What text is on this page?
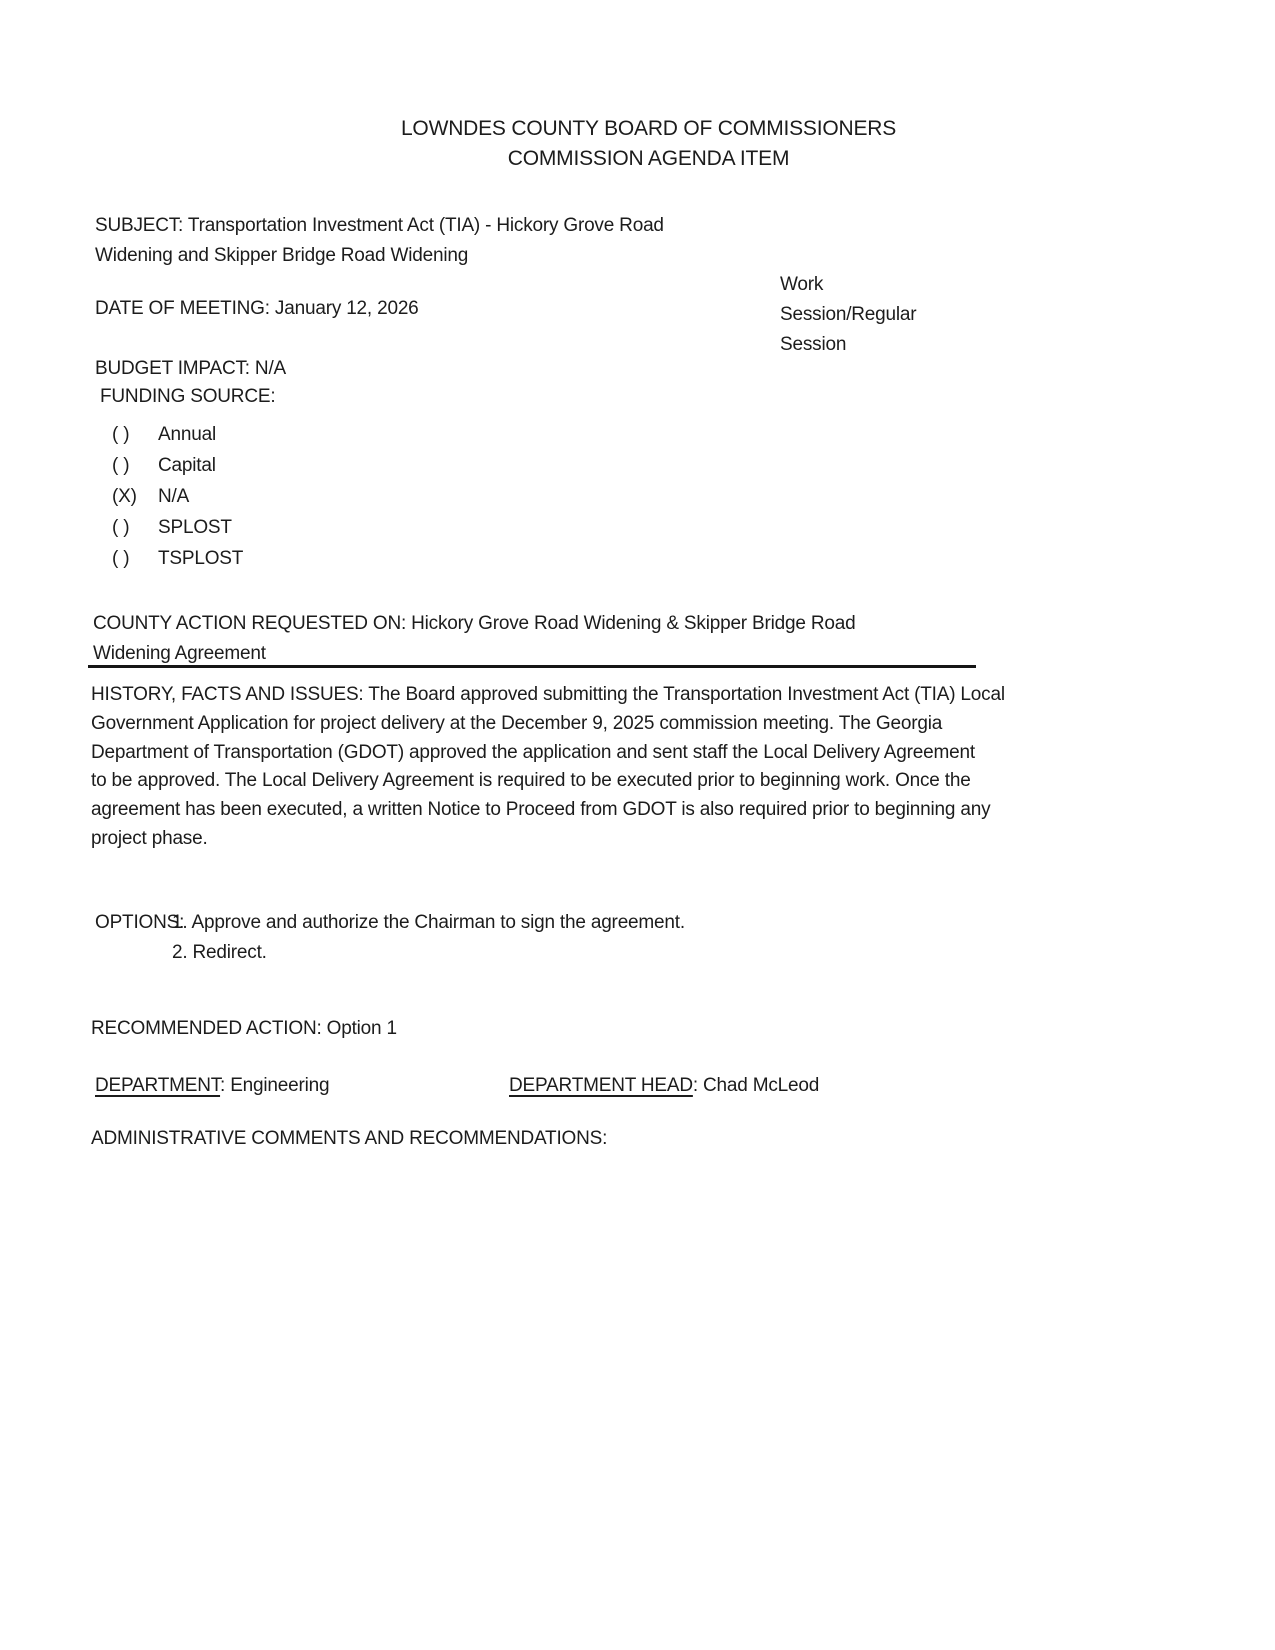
LOWNDES COUNTY BOARD OF COMMISSIONERS
COMMISSION AGENDA ITEM
SUBJECT: Transportation Investment Act (TIA) - Hickory Grove Road
Widening and Skipper Bridge Road Widening
Work
Session/Regular
Session
DATE OF MEETING: January 12, 2026
BUDGET IMPACT: N/A
FUNDING SOURCE:
( )	Annual
( )	Capital
(X)	N/A
( )	SPLOST
( )	TSPLOST
COUNTY ACTION REQUESTED ON: Hickory Grove Road Widening & Skipper Bridge Road
Widening Agreement
HISTORY, FACTS AND ISSUES: The Board approved submitting the Transportation Investment Act (TIA) Local
Government Application for project delivery at the December 9, 2025 commission meeting. The Georgia
Department of Transportation (GDOT) approved the application and sent staff the Local Delivery Agreement
to be approved. The Local Delivery Agreement is required to be executed prior to beginning work. Once the
agreement has been executed, a written Notice to Proceed from GDOT is also required prior to beginning any
project phase.
OPTIONS:
1. Approve and authorize the Chairman to sign the agreement.
2. Redirect.
RECOMMENDED ACTION: Option 1
DEPARTMENT: Engineering	DEPARTMENT HEAD: Chad McLeod
ADMINISTRATIVE COMMENTS AND RECOMMENDATIONS:
